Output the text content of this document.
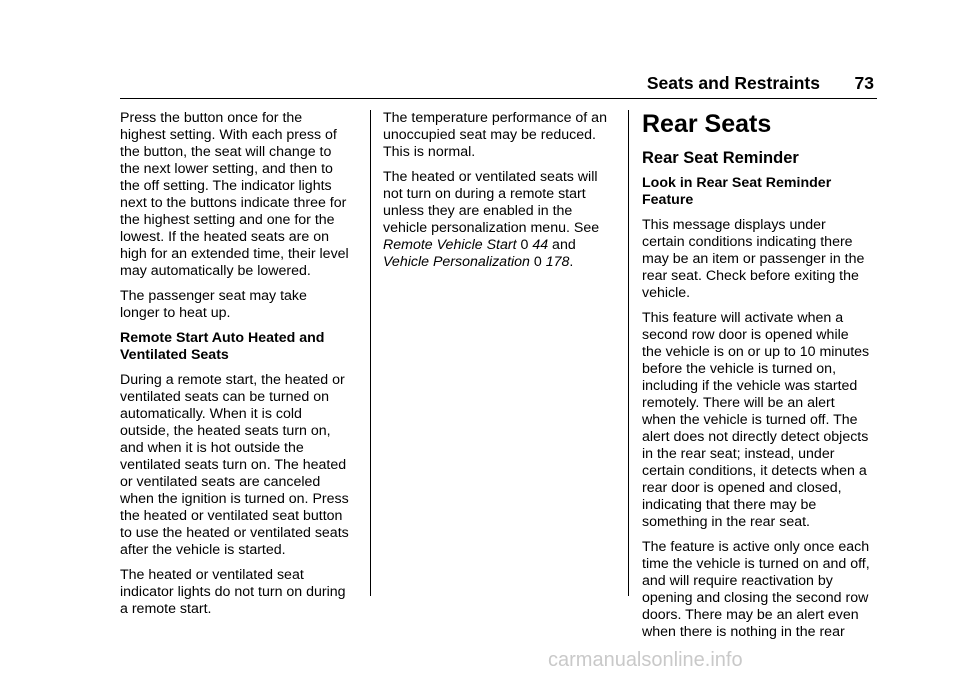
Seats and Restraints 73

Press the button once for the
highest setting. With each press of
the button, the seat will change to
the next lower setting, and then to
the off setting. The indicator lights
next to the buttons indicate three for
the highest setting and one for the
lowest. If the heated seats are on
high for an extended time, their level
may automatically be lowered.

The passenger seat may take
longer to heat up.

Remote Start Auto Heated and
Ventilated Seats

During a remote start, the heated or
ventilated seats can be turned on
automatically. When it is cold
outside, the heated seats turn on,
and when it is hot outside the
ventilated seats turn on. The heated
or ventilated seats are canceled
when the ignition is turned on. Press
the heated or ventilated seat button
to use the heated or ventilated seats
after the vehicle is started.

The heated or ventilated seat
indicator lights do not turn on during
a remote start.

The temperature performance of an
unoccupied seat may be reduced.
This is normal.

The heated or ventilated seats will
not turn on during a remote start
unless they are enabled in the
vehicle personalization menu. See
Remote Vehicle Start 0 44 and
Vehicle Personalization 0 178.

Rear Seats
Rear Seat Reminder

Look in Rear Seat Reminder
Feature

This message displays under
certain conditions indicating there
may be an item or passenger in the
rear seat. Check before exiting the
vehicle.

This feature will activate when a
second row door is opened while
the vehicle is on or up to 10 minutes
before the vehicle is turned on,
including if the vehicle was started
remotely. There will be an alert
when the vehicle is turned off. The
alert does not directly detect objects
in the rear seat; instead, under
certain conditions, it detects when a
rear door is opened and closed,
indicating that there may be
something in the rear seat.

The feature is active only once each
time the vehicle is turned on and off,
and will require reactivation by
opening and closing the second row
doors. There may be an alert even
when there is nothing in the rear

carmanualsonline.info
